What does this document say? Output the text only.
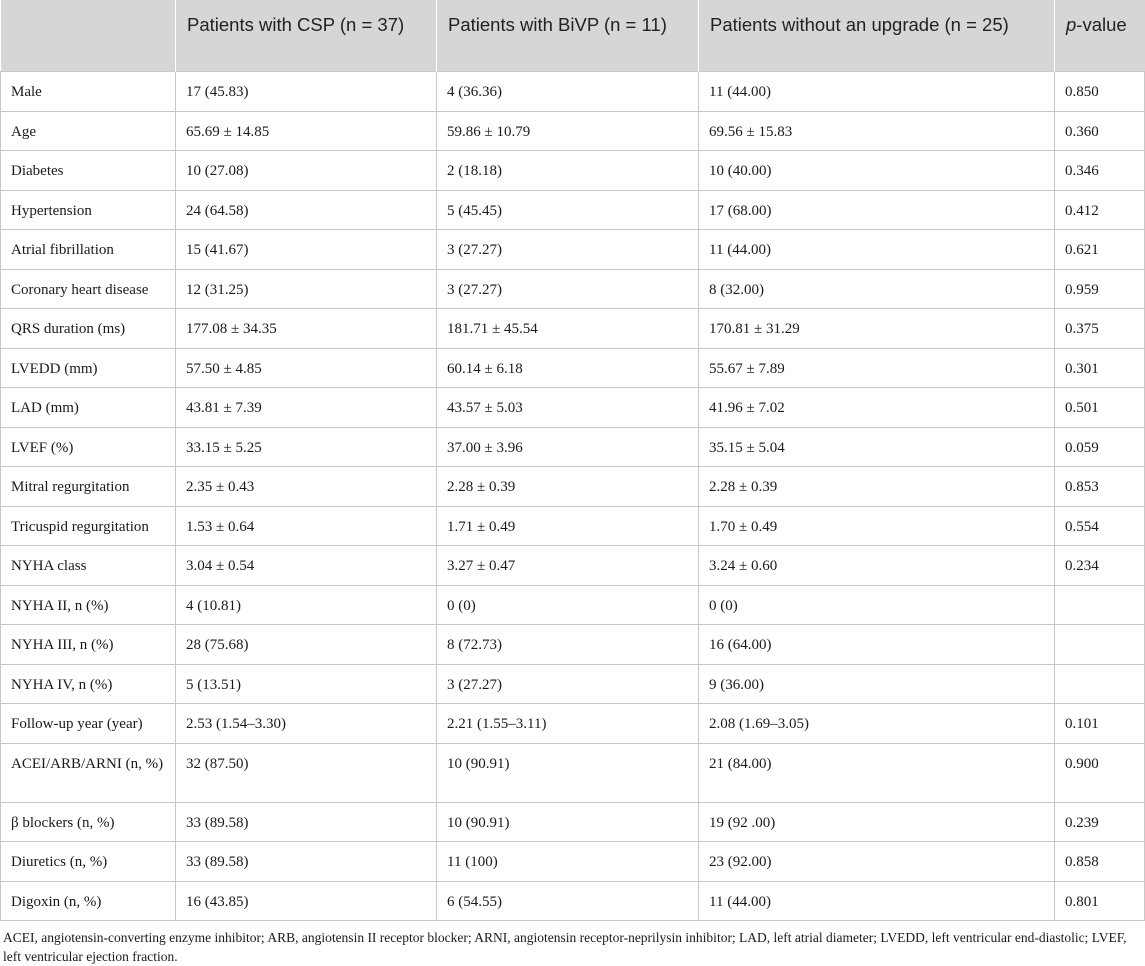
	Patients with CSP (n = 37)	Patients with BiVP (n = 11)	Patients without an upgrade (n = 25)	p-value
Male	17 (45.83)	4 (36.36)	11 (44.00)	0.850
Age	65.69 ± 14.85	59.86 ± 10.79	69.56 ± 15.83	0.360
Diabetes	10 (27.08)	2 (18.18)	10 (40.00)	0.346
Hypertension	24 (64.58)	5 (45.45)	17 (68.00)	0.412
Atrial fibrillation	15 (41.67)	3 (27.27)	11 (44.00)	0.621
Coronary heart disease	12 (31.25)	3 (27.27)	8 (32.00)	0.959
QRS duration (ms)	177.08 ± 34.35	181.71 ± 45.54	170.81 ± 31.29	0.375
LVEDD (mm)	57.50 ± 4.85	60.14 ± 6.18	55.67 ± 7.89	0.301
LAD (mm)	43.81 ± 7.39	43.57 ± 5.03	41.96 ± 7.02	0.501
LVEF (%)	33.15 ± 5.25	37.00 ± 3.96	35.15 ± 5.04	0.059
Mitral regurgitation	2.35 ± 0.43	2.28 ± 0.39	2.28 ± 0.39	0.853
Tricuspid regurgitation	1.53 ± 0.64	1.71 ± 0.49	1.70 ± 0.49	0.554
NYHA class	3.04 ± 0.54	3.27 ± 0.47	3.24 ± 0.60	0.234
NYHA II, n (%)	4 (10.81)	0 (0)	0 (0)	
NYHA III, n (%)	28 (75.68)	8 (72.73)	16 (64.00)	
NYHA IV, n (%)	5 (13.51)	3 (27.27)	9 (36.00)	
Follow-up year (year)	2.53 (1.54–3.30)	2.21 (1.55–3.11)	2.08 (1.69–3.05)	0.101
ACEI/ARB/ARNI (n, %)	32 (87.50)	10 (90.91)	21 (84.00)	0.900
β blockers (n, %)	33 (89.58)	10 (90.91)	19 (92 .00)	0.239
Diuretics (n, %)	33 (89.58)	11 (100)	23 (92.00)	0.858
Digoxin (n, %)	16 (43.85)	6 (54.55)	11 (44.00)	0.801
ACEI, angiotensin-converting enzyme inhibitor; ARB, angiotensin II receptor blocker; ARNI, angiotensin receptor-neprilysin inhibitor; LAD, left atrial diameter; LVEDD, left ventricular end-diastolic; LVEF, left ventricular ejection fraction.
